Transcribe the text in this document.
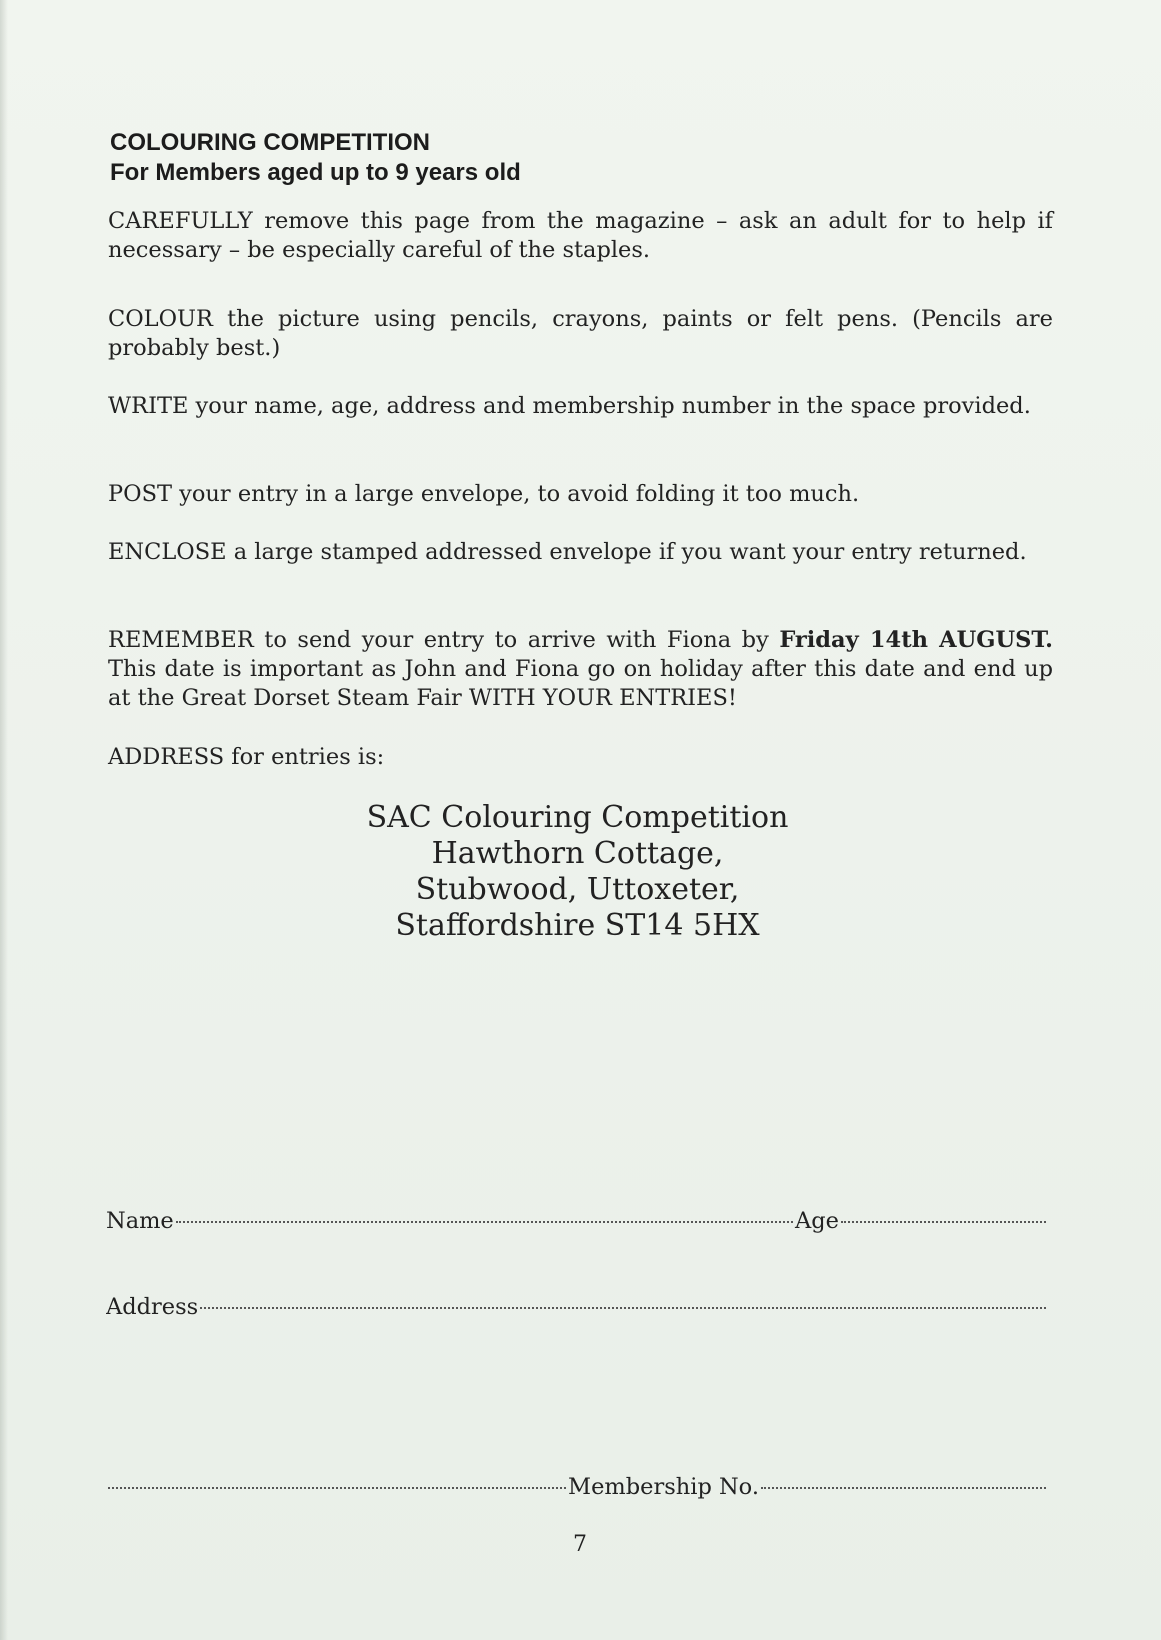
COLOURING COMPETITION
For Members aged up to 9 years old
CAREFULLY remove this page from the magazine – ask an adult for to help if necessary – be especially careful of the staples.
COLOUR the picture using pencils, crayons, paints or felt pens. (Pencils are probably best.)
WRITE your name, age, address and membership number in the space provided.
POST your entry in a large envelope, to avoid folding it too much.
ENCLOSE a large stamped addressed envelope if you want your entry returned.
REMEMBER to send your entry to arrive with Fiona by Friday 14th AUGUST. This date is important as John and Fiona go on holiday after this date and end up at the Great Dorset Steam Fair WITH YOUR ENTRIES!
ADDRESS for entries is:
SAC Colouring Competition
Hawthorn Cottage,
Stubwood, Uttoxeter,
Staffordshire ST14 5HX
Name	Age
Address
Membership No.
7
